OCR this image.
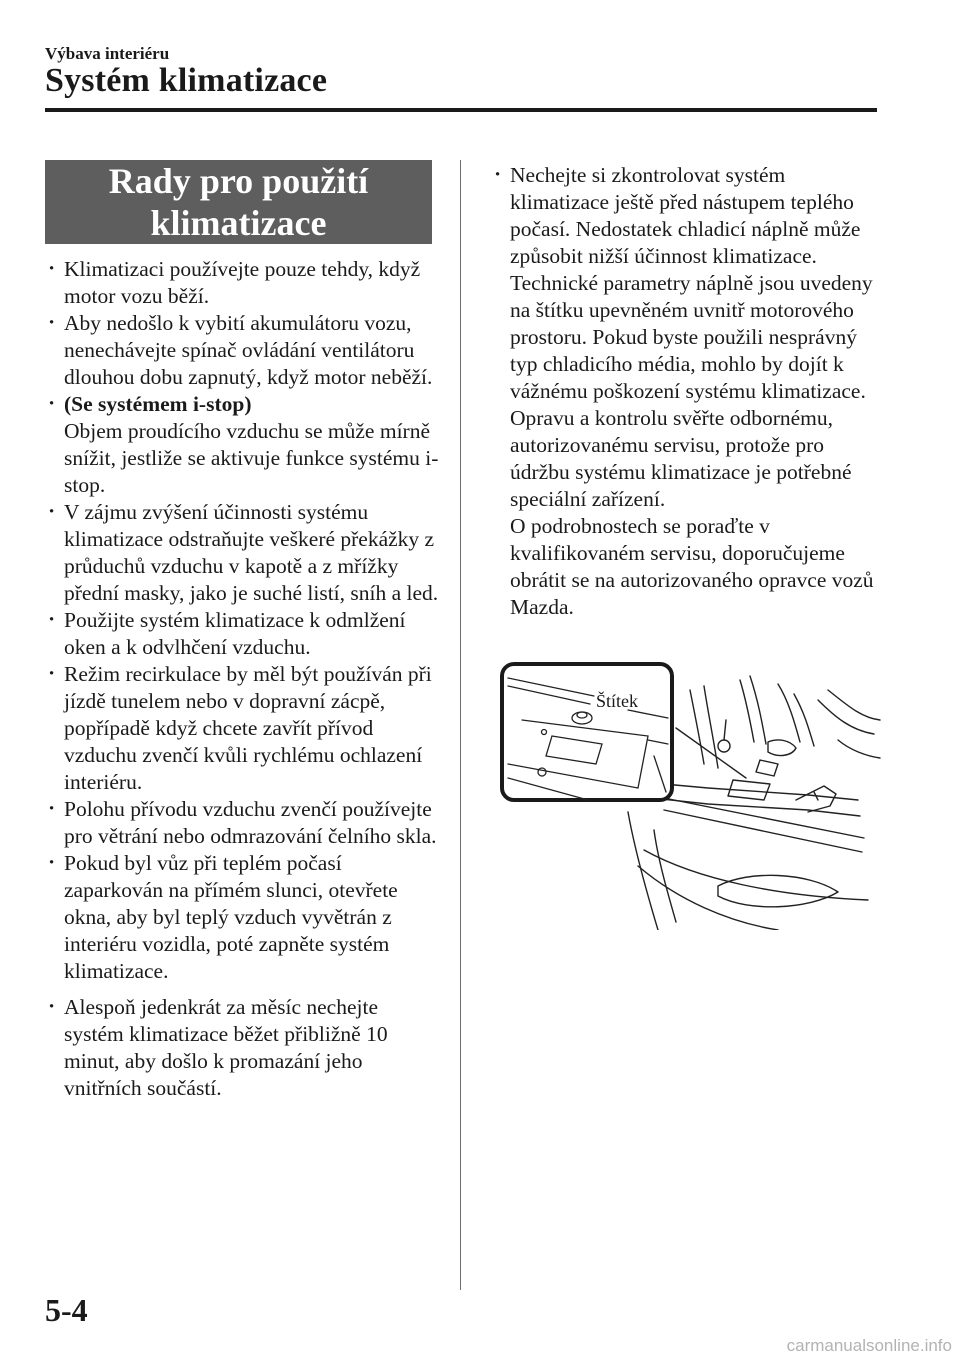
Výbava interiéru
Systém klimatizace
Rady pro použití
klimatizace
· Klimatizaci používejte pouze tehdy, když motor vozu běží.
· Aby nedošlo k vybití akumulátoru vozu, nenechávejte spínač ovládání ventilátoru dlouhou dobu zapnutý, když motor neběží.
· (Se systémem i-stop)
Objem proudícího vzduchu se může mírně snížit, jestliže se aktivuje funkce systému i-stop.
· V zájmu zvýšení účinnosti systému klimatizace odstraňujte veškeré překážky z průduchů vzduchu v kapotě a z mřížky přední masky, jako je suché listí, sníh a led.
· Použijte systém klimatizace k odmlžení oken a k odvlhčení vzduchu.
· Režim recirkulace by měl být používán při jízdě tunelem nebo v dopravní zácpě, popřípadě když chcete zavřít přívod vzduchu zvenčí kvůli rychlému ochlazení interiéru.
· Polohu přívodu vzduchu zvenčí používejte pro větrání nebo odmrazování čelního skla.
· Pokud byl vůz při teplém počasí zaparkován na přímém slunci, otevřete okna, aby byl teplý vzduch vyvětrán z interiéru vozidla, poté zapněte systém klimatizace.
· Alespoň jedenkrát za měsíc nechejte systém klimatizace běžet přibližně 10 minut, aby došlo k promazání jeho vnitřních součástí.
· Nechejte si zkontrolovat systém klimatizace ještě před nástupem teplého počasí. Nedostatek chladicí náplně může způsobit nižší účinnost klimatizace. Technické parametry náplně jsou uvedeny na štítku upevněném uvnitř motorového prostoru. Pokud byste použili nesprávný typ chladicího média, mohlo by dojít k vážnému poškození systému klimatizace. Opravu a kontrolu svěřte odbornému, autorizovanému servisu, protože pro údržbu systému klimatizace je potřebné speciální zařízení.
O podrobnostech se poraďte v kvalifikovaném servisu, doporučujeme obrátit se na autorizovaného opravce vozů Mazda.
Štítek
5-4
carmanualsonline.info
